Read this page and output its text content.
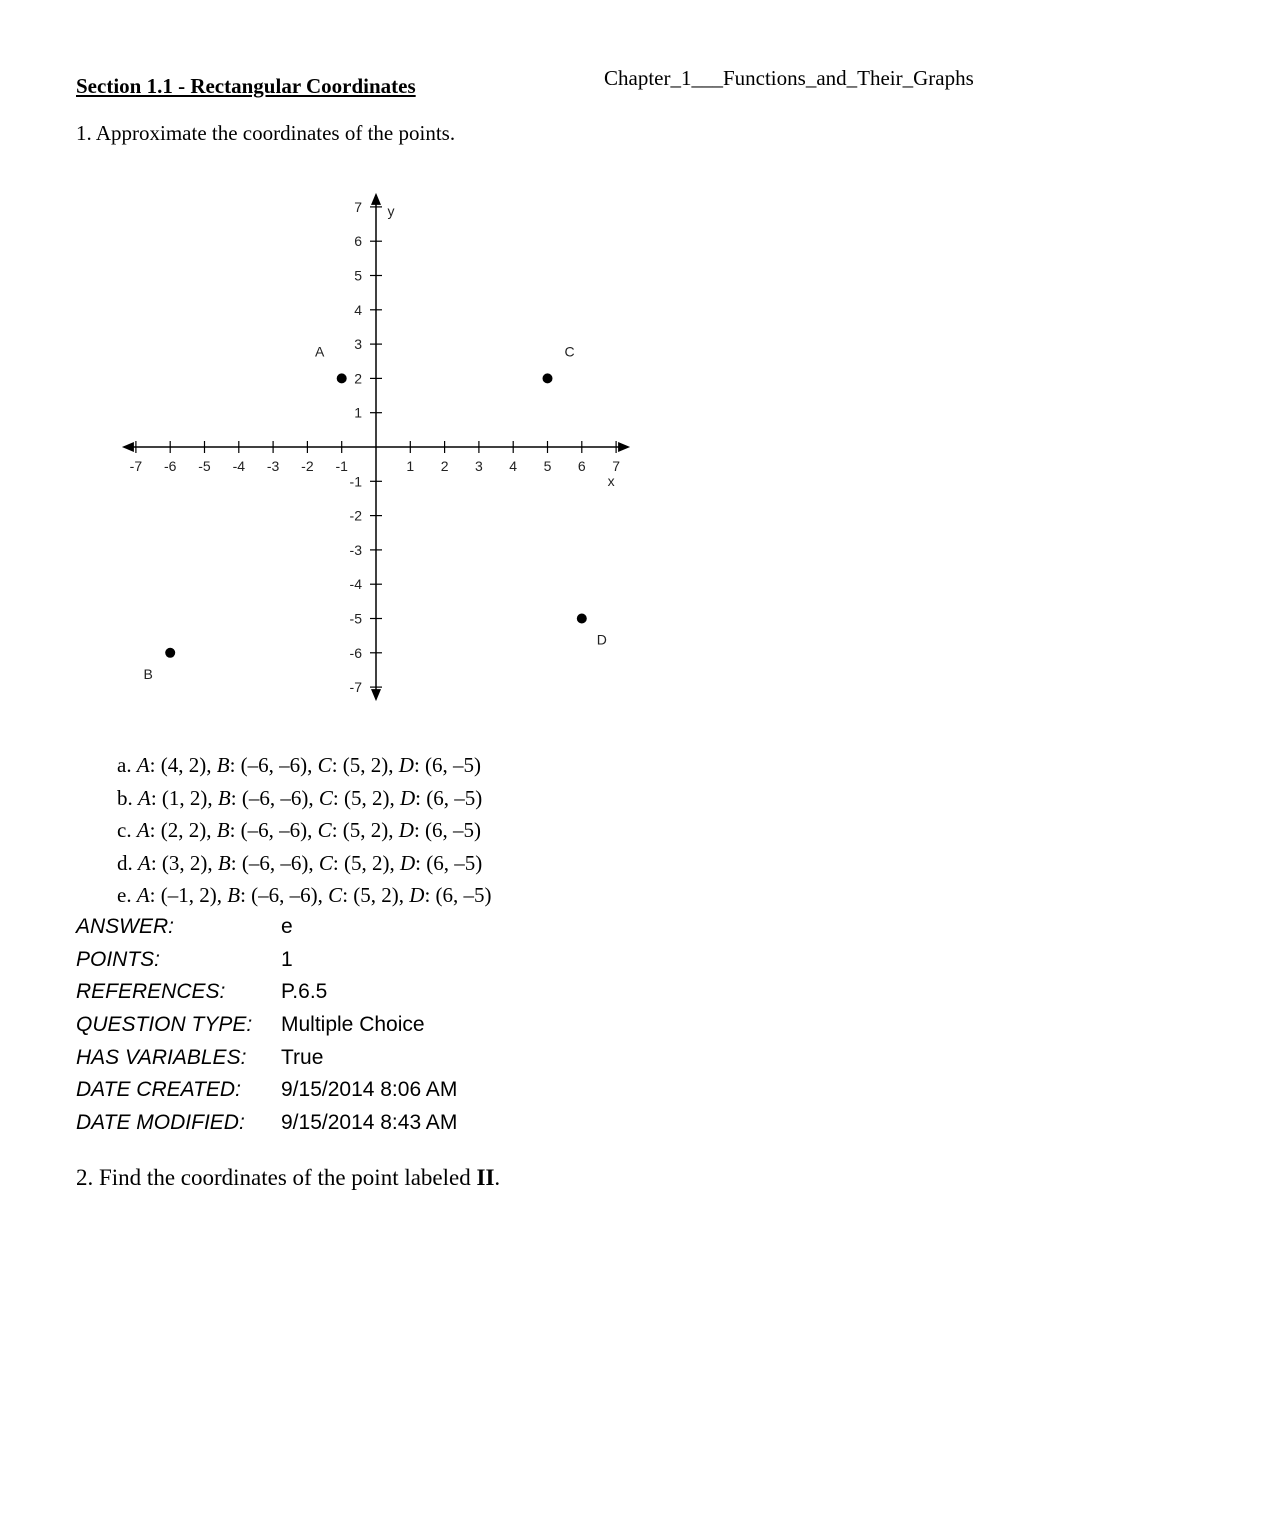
Section 1.1 - Rectangular Coordinates	Chapter_1___Functions_and_Their_Graphs
1. Approximate the coordinates of the points.
-7 -6 -5 -4 -3 -2 -1	1 2 3 4 5 6 7
-7
-6
-5
-4
-3
-2
-1
1
2
3
4
5
6
7
x
y
A
B
C
D
a. A: (4, 2), B: (–6, –6), C: (5, 2), D: (6, –5)
b. A: (1, 2), B: (–6, –6), C: (5, 2), D: (6, –5)
c. A: (2, 2), B: (–6, –6), C: (5, 2), D: (6, –5)
d. A: (3, 2), B: (–6, –6), C: (5, 2), D: (6, –5)
e. A: (–1, 2), B: (–6, –6), C: (5, 2), D: (6, –5)
ANSWER:	e
POINTS:	1
REFERENCES:	P.6.5
QUESTION TYPE:	Multiple Choice
HAS VARIABLES:	True
DATE CREATED:	9/15/2014 8:06 AM
DATE MODIFIED:	9/15/2014 8:43 AM
2. Find the coordinates of the point labeled II.
